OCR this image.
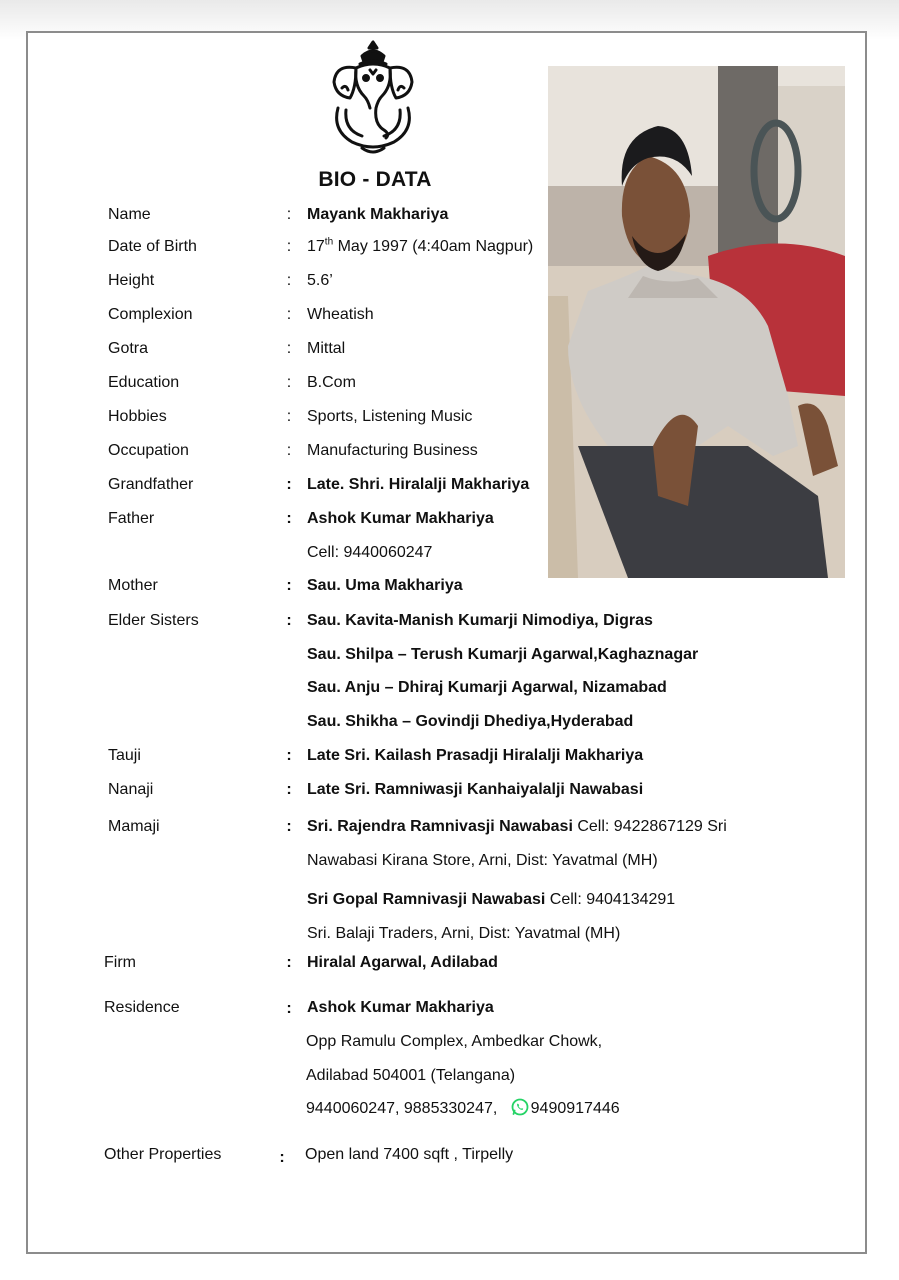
BIO - DATA
Name	: Mayank Makhariya
Date of Birth	: 17th May 1997 (4:40am Nagpur)
Height	: 5.6’
Complexion	: Wheatish
Gotra	: Mittal
Education	: B.Com
Hobbies	: Sports, Listening Music
Occupation	: Manufacturing Business
Grandfather	: Late. Shri. Hiralalji Makhariya
Father	: Ashok Kumar Makhariya
Cell: 9440060247
Mother	: Sau. Uma Makhariya
Elder Sisters	: Sau. Kavita-Manish Kumarji Nimodiya, Digras
Sau. Shilpa – Terush Kumarji Agarwal,Kaghaznagar
Sau. Anju – Dhiraj Kumarji Agarwal, Nizamabad
Sau. Shikha – Govindji Dhediya,Hyderabad
Tauji	: Late Sri. Kailash Prasadji Hiralalji Makhariya
Nanaji	: Late Sri. Ramniwasji Kanhaiyalalji Nawabasi
Mamaji	: Sri. Rajendra Ramnivasji Nawabasi Cell: 9422867129 Sri
Nawabasi Kirana Store, Arni, Dist: Yavatmal (MH)
Sri Gopal Ramnivasji Nawabasi Cell: 9404134291
Sri. Balaji Traders, Arni, Dist: Yavatmal (MH)
Firm	: Hiralal Agarwal, Adilabad
Residence	: Ashok Kumar Makhariya
Opp Ramulu Complex, Ambedkar Chowk,
Adilabad 504001 (Telangana)
9440060247, 9885330247, 9490917446
Other Properties	: Open land 7400 sqft , Tirpelly
